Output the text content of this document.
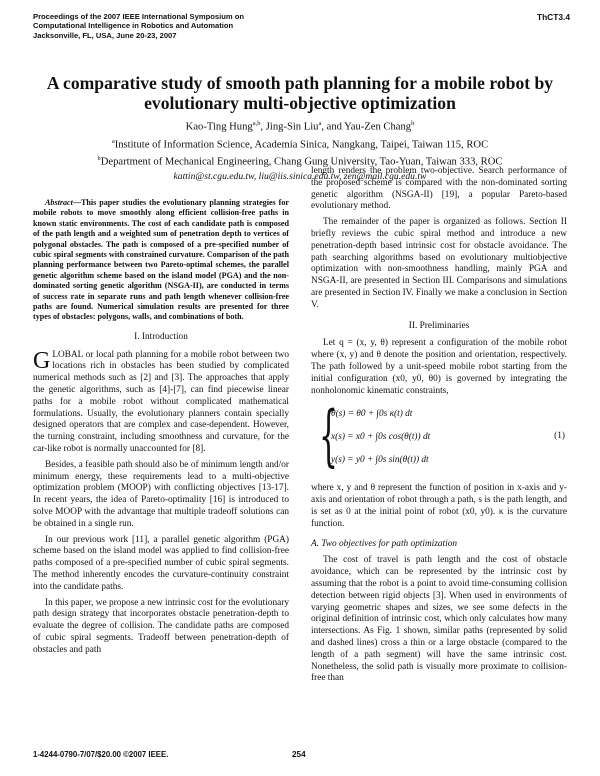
Proceedings of the 2007 IEEE International Symposium on
Computational Intelligence in Robotics and Automation
Jacksonville, FL, USA, June 20-23, 2007
ThCT3.4
A comparative study of smooth path planning for a mobile robot by
evolutionary multi-objective optimization
Kao-Ting Hung$^{a,b}$, Jing-Sin Liu$^a$, and Yau-Zen Chang$^b$
$^a$Institute of Information Science, Academia Sinica, Nangkang, Taipei, Taiwan 115, ROC
$^b$Department of Mechanical Engineering, Chang Gung University, Tao-Yuan, Taiwan 333, ROC
kattin@st.cgu.edu.tw, liu@iis.sinica.edu.tw, zen@mail.cgu.edu.tw

Abstract—This paper studies the evolutionary planning strategies for mobile robots to move smoothly along efficient collision-free paths in known static environments. The cost of each candidate path is composed of the path length and a weighted sum of penetration depth to vertices of polygonal obstacles. The path is composed of a pre-specified number of cubic spiral segments with constrained curvature. Comparison of the path planning performance between two Pareto-optimal schemes, the parallel genetic algorithm scheme based on the island model (PGA) and the non-dominated sorting genetic algorithm (NSGA-II), are conducted in terms of success rate in separate runs and path length whenever collision-free paths are found. Numerical simulation results are presented for three types of obstacles: polygons, walls, and combinations of both.

I. Introduction

GLOBAL or local path planning for a mobile robot between two locations rich in obstacles has been studied by complicated numerical methods such as [2] and [3]. The approaches that apply the genetic algorithms, such as [4]-[7], can find piecewise linear paths for a mobile robot without complicated mathematical formulations. Usually, the evolutionary planners contain specially designed operators that are complex and case-dependent. However, the turning constraint, including smoothness and curvature, for the car-like robot is normally unaccounted for [8].

Besides, a feasible path should also be of minimum length and/or minimum energy, these requirements lead to a multi-objective optimization problem (MOOP) with conflicting objectives [13-17]. In recent years, the idea of Pareto-optimality [16] is introduced to solve MOOP with the advantage that multiple tradeoff solutions can be obtained in a single run.

In our previous work [11], a parallel genetic algorithm (PGA) scheme based on the island model was applied to find collision-free paths composed of a pre-specified number of cubic spiral segments. The method inherently encodes the curvature-continuity constraint into the candidate paths.

In this paper, we propose a new intrinsic cost for the evolutionary path design strategy that incorporates obstacle penetration-depth to evaluate the degree of collision. The candidate paths are composed of cubic spiral segments. Tradeoff between penetration-depth of obstacles and path

length renders the problem two-objective. Search performance of the proposed scheme is compared with the non-dominated sorting genetic algorithm (NSGA-II) [19], a popular Pareto-based evolutionary method.

The remainder of the paper is organized as follows. Section II briefly reviews the cubic spiral method and introduce a new penetration-depth based intrinsic cost for obstacle avoidance. The path searching algorithms based on evolutionary multiobjective optimization with non-smoothness handling, mainly PGA and NSGA-II, are presented in Section III. Comparisons and simulations are presented in Section IV. Finally we make a conclusion in Section V.

II. Preliminaries

Let q = (x, y, θ) represent a configuration of the mobile robot where (x, y) and θ denote the position and orientation, respectively. The path followed by a unit-speed mobile robot starting from the initial configuration (x0, y0, θ0) is governed by integrating the nonholonomic kinematic constraints,

{
θ(s) = θ0 + ∫0s κ(t) dt
x(s) = x0 + ∫0s cos(θ(t)) dt
y(s) = y0 + ∫0s sin(θ(t)) dt
(1)

where x, y and θ represent the function of position in x-axis and y-axis and orientation of robot through a path, s is the path length, and is set as 0 at the initial point of robot (x0, y0). κ is the curvature function.

A. Two objectives for path optimization

The cost of travel is path length and the cost of obstacle avoidance, which can be represented by the intrinsic cost by assuming that the robot is a point to avoid time-consuming collision detection between rigid objects [3]. When used in environments of varying geometric shapes and sizes, we see some defects in the original definition of intrinsic cost, which only calculates how many intersections. As Fig. 1 shown, similar paths (represented by solid and dashed lines) cross a thin or a large obstacle (compared to the length of a path segment) will have the same intrinsic cost. Nonetheless, the solid path is visually more proximate to collision-free than

1-4244-0790-7/07/$20.00 ©2007 IEEE.	254
